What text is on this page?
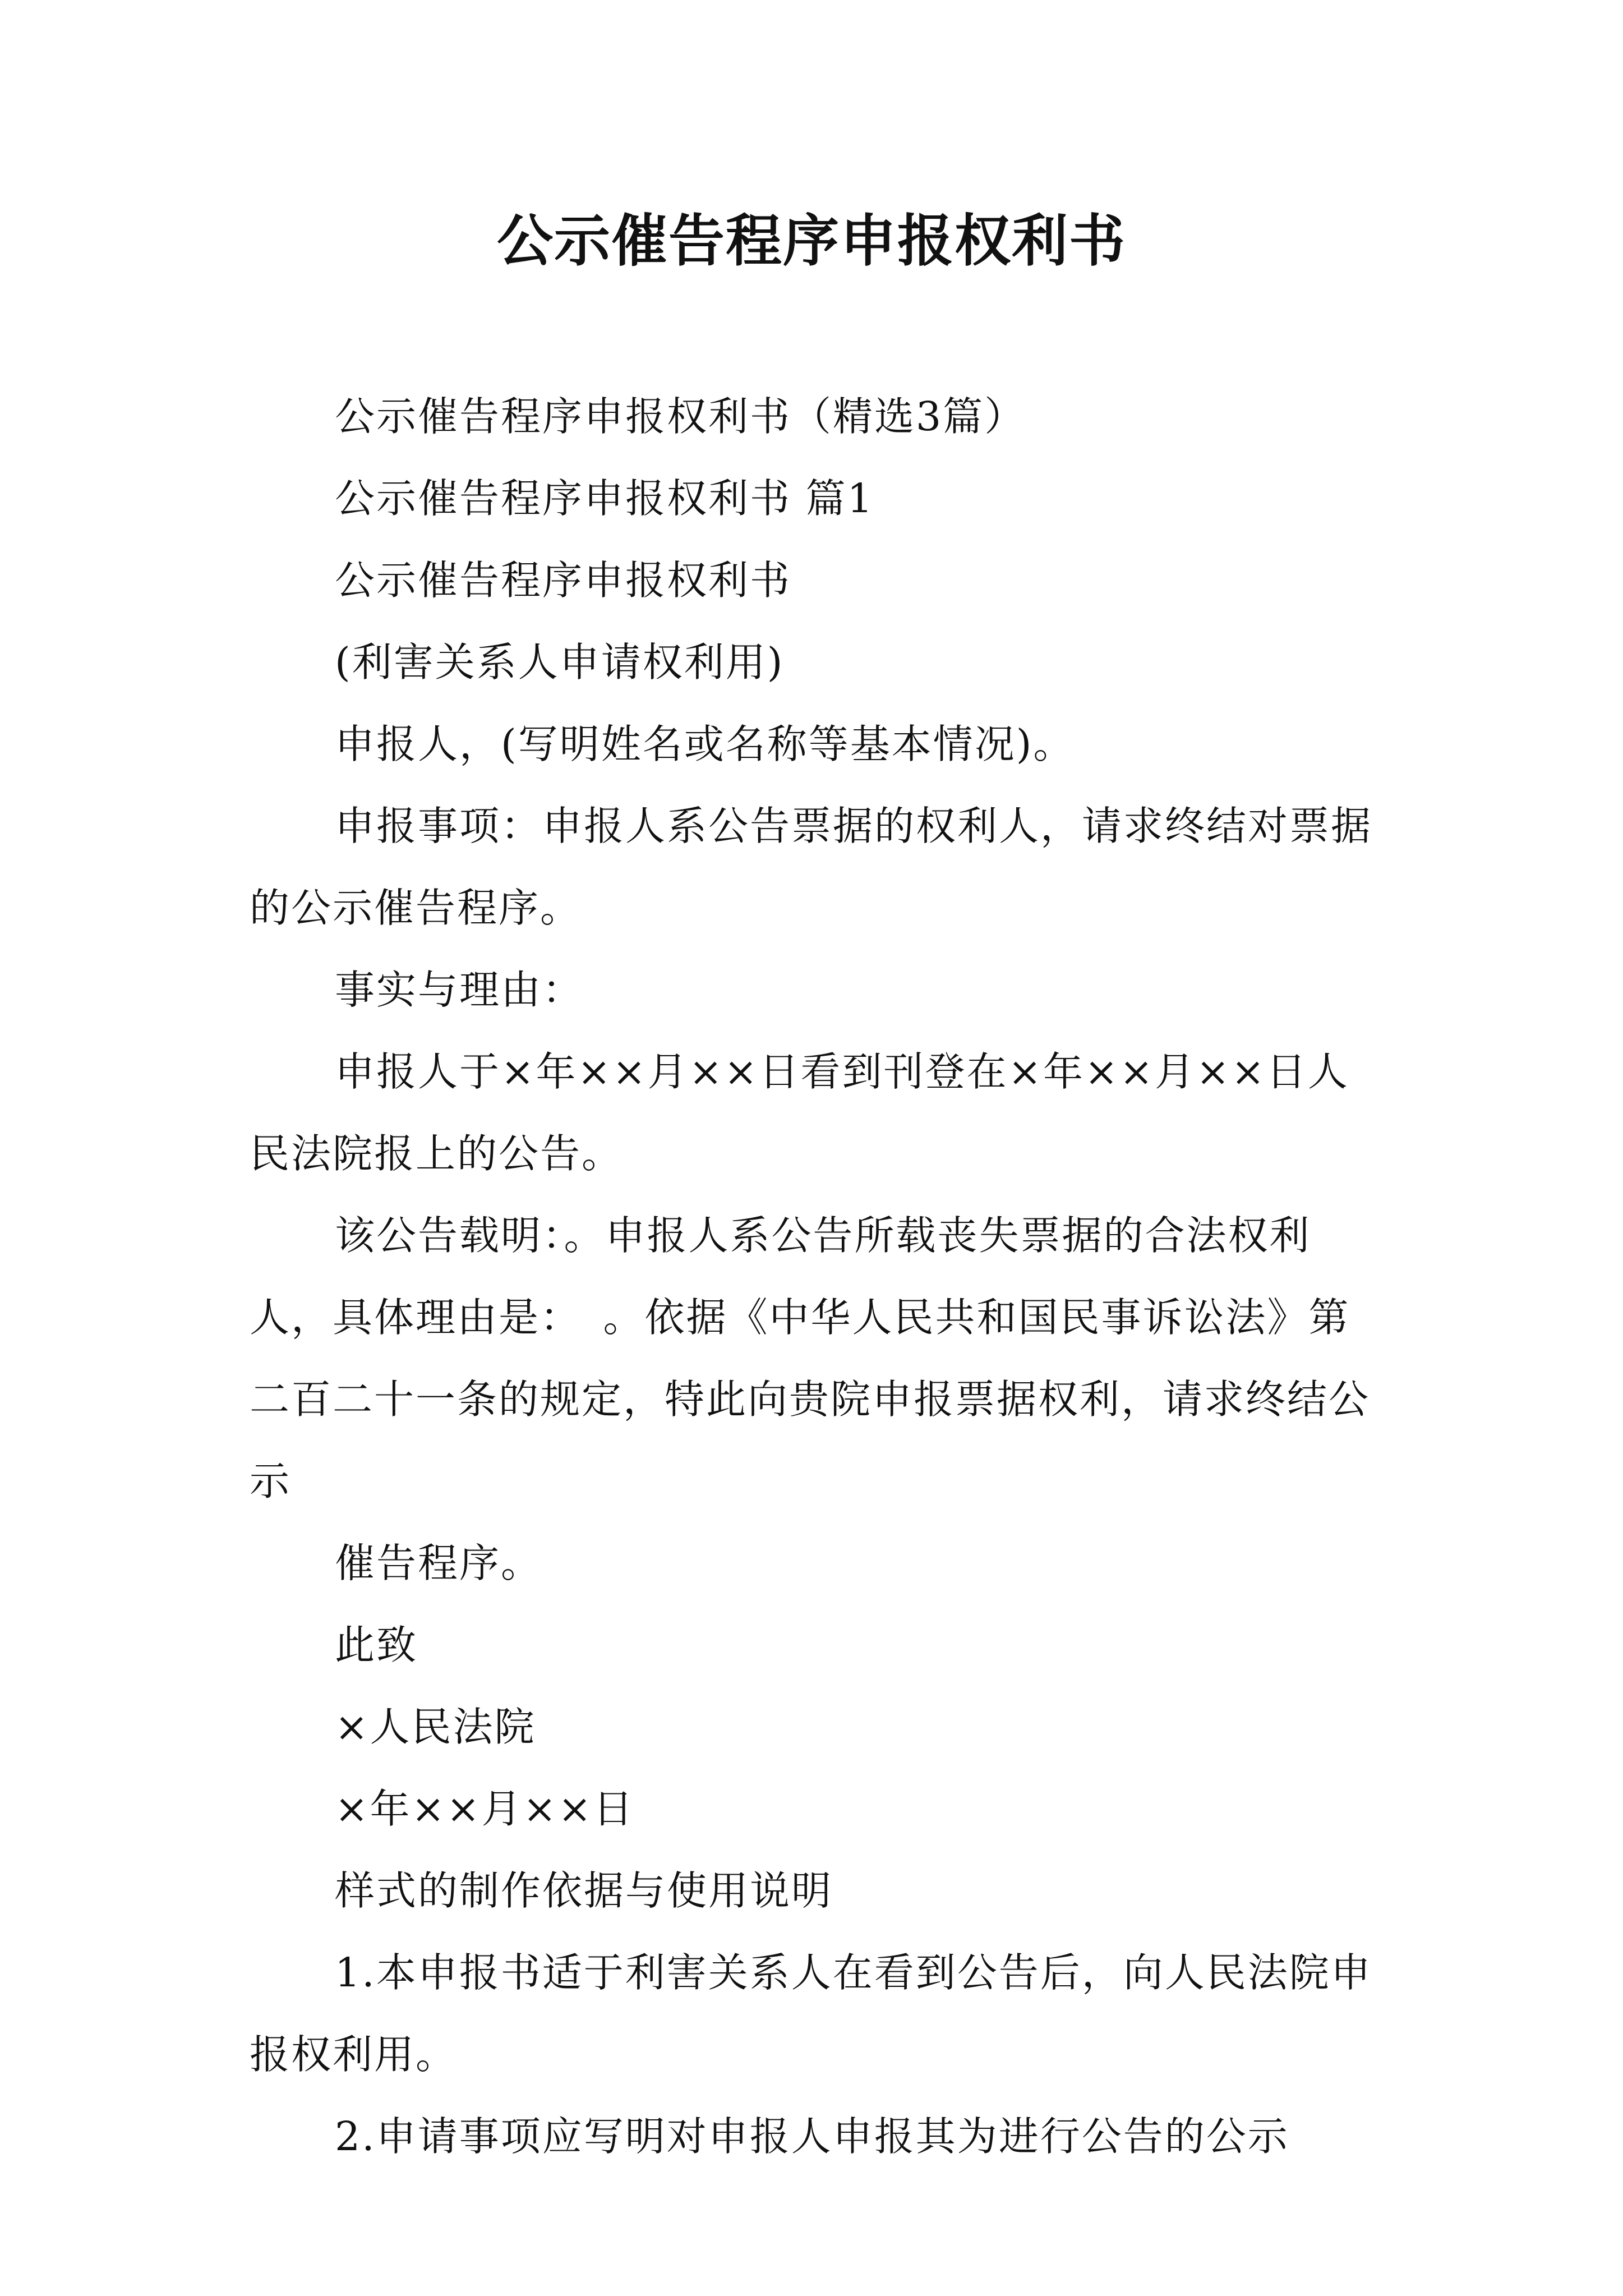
公示催告程序申报权利书

公示催告程序申报权利书（精选3篇）

公示催告程序申报权利书 篇1

公示催告程序申报权利书

(利害关系人申请权利用)

申报人，(写明姓名或名称等基本情况)。

申报事项：申报人系公告票据的权利人，请求终结对票据的公示催告程序。

事实与理由：

申报人于×年××月××日看到刊登在×年××月××日人民法院报上的公告。

该公告载明：。申报人系公告所载丧失票据的合法权利人，具体理由是：　。依据《中华人民共和国民事诉讼法》第二百二十一条的规定，特此向贵院申报票据权利，请求终结公示

催告程序。

此致

×人民法院

×年××月××日

样式的制作依据与使用说明

1.本申报书适于利害关系人在看到公告后，向人民法院申报权利用。

2.申请事项应写明对申报人申报其为进行公告的公示
